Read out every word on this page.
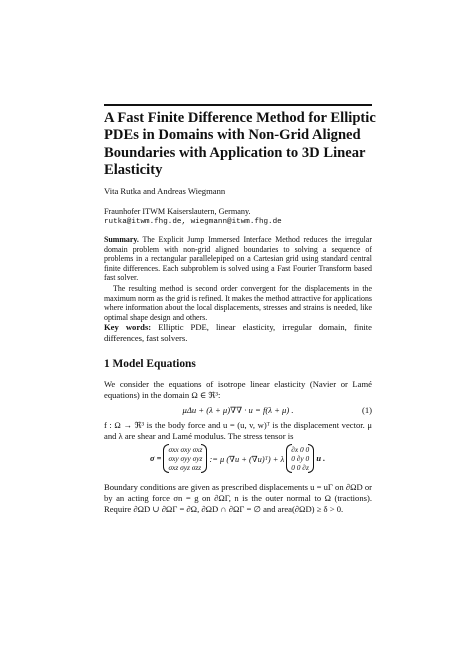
A Fast Finite Difference Method for Elliptic PDEs in Domains with Non-Grid Aligned Boundaries with Application to 3D Linear Elasticity
Vita Rutka and Andreas Wiegmann
Fraunhofer ITWM Kaiserslautern, Germany.
rutka@itwm.fhg.de, wiegmann@itwm.fhg.de

Summary. The Explicit Jump Immersed Interface Method reduces the irregular domain problem with non-grid aligned boundaries to solving a sequence of problems in a rectangular parallelepiped on a Cartesian grid using standard central finite differences. Each subproblem is solved using a Fast Fourier Transform based fast solver.

The resulting method is second order convergent for the displacements in the maximum norm as the grid is refined. It makes the method attractive for applications where information about the local displacements, stresses and strains is needed, like optimal shape design and others.

Key words: Elliptic PDE, linear elasticity, irregular domain, finite differences, fast solvers.
1 Model Equations
We consider the equations of isotrope linear elasticity (Navier or Lamé equations) in the domain Ω ∈ ℜ³:
μΔu + (λ + μ)∇∇ · u = f(λ + μ) .	(1)
f : Ω → ℜ³ is the body force and u = (u, v, w)ᵀ is the displacement vector. μ and λ are shear and Lamé modulus. The stress tensor is
σ =
σxx σxy σxz
σxy σyy σyz
σxz σyz σzz
:= μ (∇u + (∇u)ᵀ) + λ
∂x 0 0
0 ∂y 0
0 0 ∂z
u .
Boundary conditions are given as prescribed displacements u = uΓ on ∂ΩD or by an acting force σn = g on ∂ΩΓ, n is the outer normal to Ω (tractions). Require ∂ΩD ∪ ∂ΩΓ = ∂Ω, ∂ΩD ∩ ∂ΩΓ = ∅ and area(∂ΩD) ≥ δ > 0.
